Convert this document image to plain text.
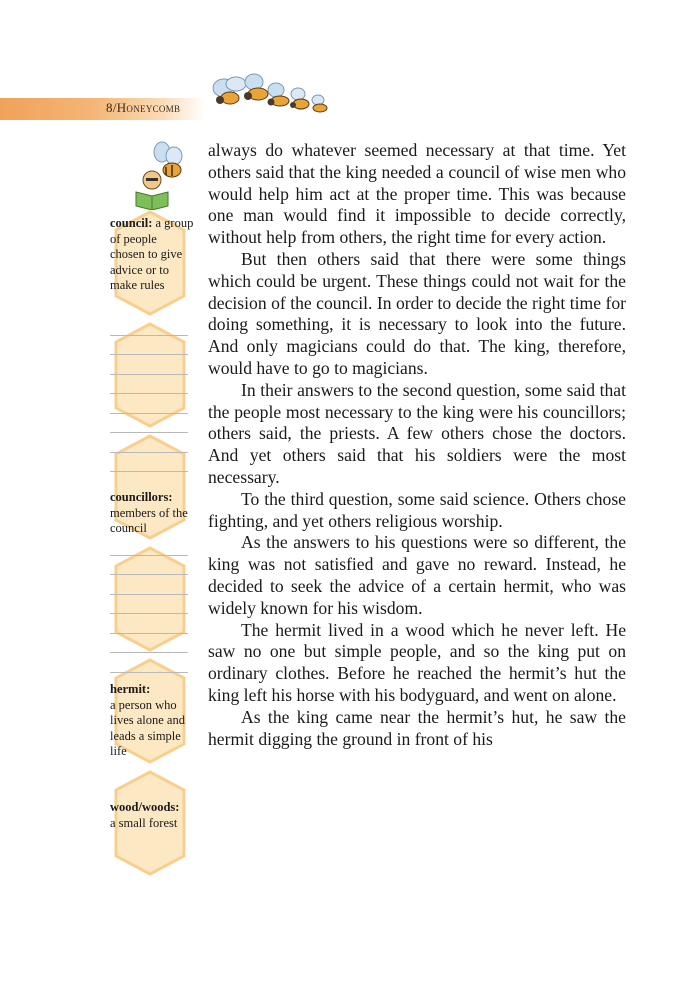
8/Honeycomb
council: a group of people chosen to give advice or to make rules
councillors:
members of the council
hermit:
a person who lives alone and leads a simple life
wood/woods:
a small forest

always do whatever seemed necessary at that time. Yet others said that the king needed a council of wise men who would help him act at the proper time. This was because one man would find it impossible to decide correctly, without help from others, the right time for every action.

But then others said that there were some things which could be urgent. These things could not wait for the decision of the council. In order to decide the right time for doing something, it is necessary to look into the future. And only magicians could do that. The king, therefore, would have to go to magicians.

In their answers to the second question, some said that the people most necessary to the king were his councillors; others said, the priests. A few others chose the doctors. And yet others said that his soldiers were the most necessary.

To the third question, some said science. Others chose fighting, and yet others religious worship.

As the answers to his questions were so different, the king was not satisfied and gave no reward. Instead, he decided to seek the advice of a certain hermit, who was widely known for his wisdom.

The hermit lived in a wood which he never left. He saw no one but simple people, and so the king put on ordinary clothes. Before he reached the hermit’s hut the king left his horse with his bodyguard, and went on alone.

As the king came near the hermit’s hut, he saw the hermit digging the ground in front of his
